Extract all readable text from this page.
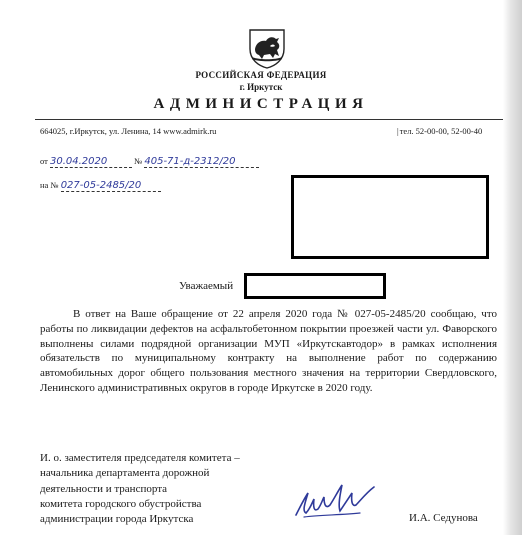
РОССИЙСКАЯ ФЕДЕРАЦИЯ
г. Иркутск
АДМИНИСТРАЦИЯ
664025, г.Иркутск, ул. Ленина, 14 www.admirk.ru	|тел. 52-00-00, 52-00-40
от 30.04.2020	№ 405-71-д-2312/20
на № 027-05-2485/20
Уважаемый

В ответ на Ваше обращение от 22 апреля 2020 года № 027-05-2485/20 сообщаю, что работы по ликвидации дефектов на асфальтобетонном покрытии проезжей части ул. Фаворского выполнены силами подрядной организации МУП «Иркутскавтодор» в рамках исполнения обязательств по муниципальному контракту на выполнение работ по содержанию автомобильных дорог общего пользования местного значения на территории Свердловского, Ленинского административных округов в городе Иркутске в 2020 году.

И. о. заместителя председателя комитета –
начальника департамента дорожной
деятельности и транспорта
комитета городского обустройства
администрации города Иркутска	И.А. Седунова
